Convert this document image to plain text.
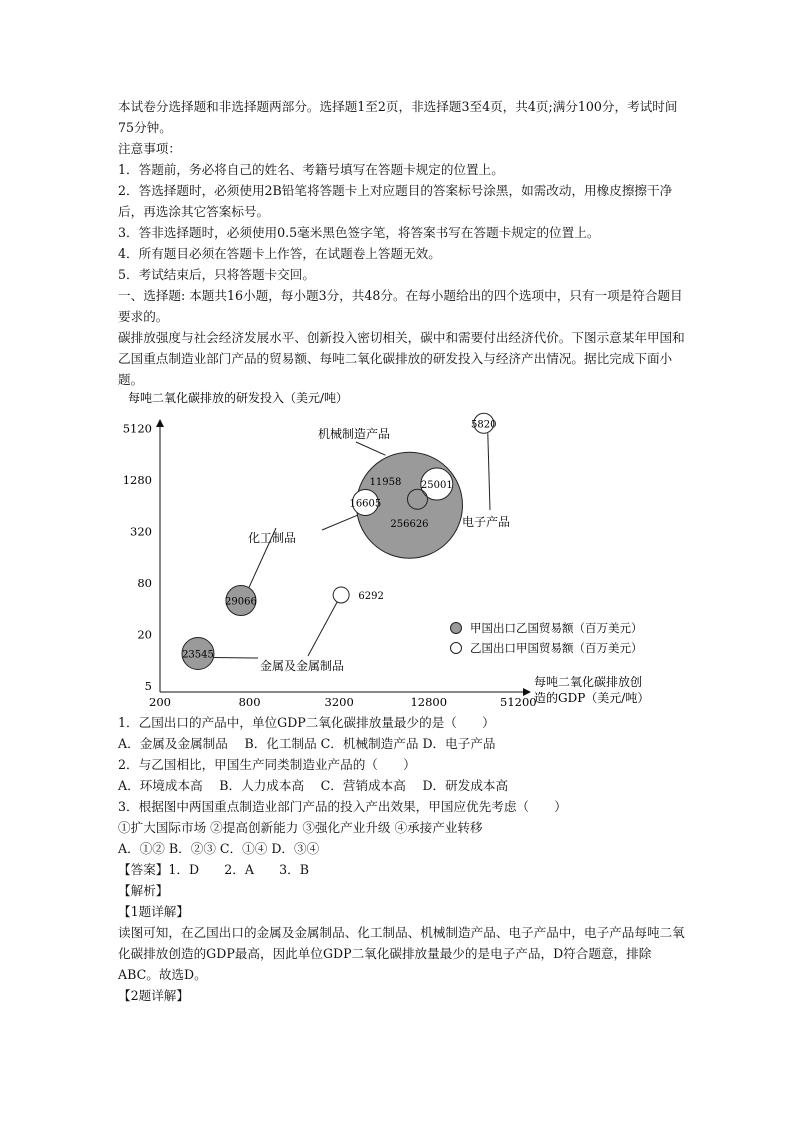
本试卷分选择题和非选择题两部分。选择题1至2页，非选择题3至4页，共4页;满分100分，考试时间75分钟。

注意事项：

1．答题前，务必将自己的姓名、考籍号填写在答题卡规定的位置上。

2．答选择题时，必须使用2B铅笔将答题卡上对应题目的答案标号涂黑，如需改动，用橡皮擦擦干净后，再选涂其它答案标号。

3．答非选择题时，必须使用0.5毫米黑色签字笔，将答案书写在答题卡规定的位置上。

4．所有题目必须在答题卡上作答，在试题卷上答题无效。

5．考试结束后，只将答题卡交回。

一、选择题: 本题共16小题，每小题3分，共48分。在每小题给出的四个选项中，只有一项是符合题目要求的。

碳排放强度与社会经济发展水平、创新投入密切相关，碳中和需要付出经济代价。下图示意某年甲国和乙国重点制造业部门产品的贸易额、每吨二氧化碳排放的研发投入与经济产出情况。据比完成下面小题。

每吨二氧化碳排放的研发投入（美元/吨）
5120
1280
320
80
20
5
200	800	3200	12800	51200
每吨二氧化碳排放创
造的GDP（美元/吨）
256626
29066
25001
23545
16605
6292
5820
11958
机械制造产品
化工制品
电子产品
金属及金属制品
甲国出口乙国贸易额（百万美元）
乙国出口甲国贸易额（百万美元）

1．乙国出口的产品中，单位GDP二氧化碳排放量最少的是（　　）

A．金属及金属制品　 B．化工制品 C．机械制造产品 D．电子产品

2．与乙国相比，甲国生产同类制造业产品的（　　）

A．环境成本高　 B．人力成本高　 C．营销成本高　 D．研发成本高

3．根据图中两国重点制造业部门产品的投入产出效果，甲国应优先考虑（　　）

①扩大国际市场 ②提高创新能力 ③强化产业升级 ④承接产业转移

A．①② B．②③ C．①④ D．③④

【答案】1．D　　2．A　　3．B

【解析】

【1题详解】

读图可知，在乙国出口的金属及金属制品、化工制品、机械制造产品、电子产品中，电子产品每吨二氧化碳排放创造的GDP最高，因此单位GDP二氧化碳排放量最少的是电子产品，D符合题意，排除ABC。故选D。

【2题详解】
